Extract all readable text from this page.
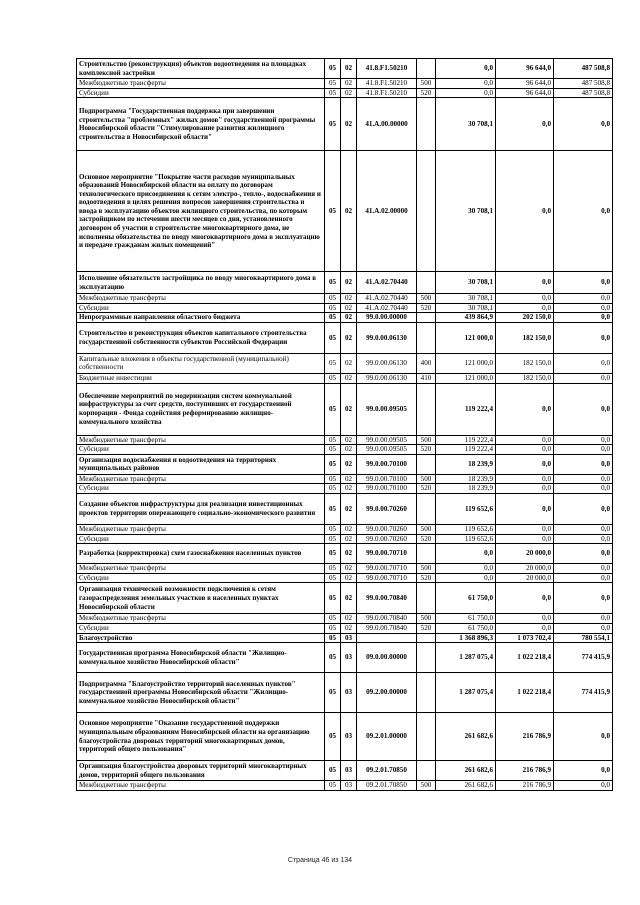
Строительство (реконструкция) объектов водоотведения на площадках комплексной застройки	05	02	41.8.F1.50210		0,0	96 644,0	487 508,8
Межбюджетные трансферты	05	02	41.8.F1.50210	500	0,0	96 644,0	487 508,8
Субсидии	05	02	41.8.F1.50210	520	0,0	96 644,0	487 508,8
Подпрограмма "Государственная поддержка при завершении строительства "проблемных" жилых домов" государственной программы Новосибирской области "Стимулирование развития жилищного строительства в Новосибирской области"	05	02	41.А.00.00000		30 708,1	0,0	0,0
Основное мероприятие "Покрытие части расходов муниципальных образований Новосибирской области на оплату по договорам технологического присоединения к сетям электро-, тепло-, водоснабжения и водоотведения в целях решения вопросов завершения строительства и ввода в эксплуатацию объектов жилищного строительства, по которым застройщиком по истечении шести месяцев со дня, установленного договором об участии в строительстве многоквартирного дома, не исполнены обязательства по вводу многоквартирного дома в эксплуатацию и передаче гражданам жилых помещений"	05	02	41.А.02.00000		30 708,1	0,0	0,0
Исполнение обязательств застройщика по вводу многоквартирного дома в эксплуатацию	05	02	41.А.02.70440		30 708,1	0,0	0,0
Межбюджетные трансферты	05	02	41.А.02.70440	500	30 708,1	0,0	0,0
Субсидии	05	02	41.А.02.70440	520	30 708,1	0,0	0,0
Непрограммные направления областного бюджета	05	02	99.0.00.00000		439 864,9	202 150,0	0,0
Строительство и реконструкция объектов капитального строительства государственной собственности субъектов Российской Федерации	05	02	99.0.00.06130		121 000,0	182 150,0	0,0
Капитальные вложения в объекты государственной (муниципальной) собственности	05	02	99.0.00.06130	400	121 000,0	182 150,0	0,0
Бюджетные инвестиции	05	02	99.0.00.06130	410	121 000,0	182 150,0	0,0
Обеспечение мероприятий по модернизации систем коммунальной инфраструктуры за счет средств, поступивших от государственной корпорации - Фонда содействия реформированию жилищно-коммунального хозяйства	05	02	99.0.00.09505		119 222,4	0,0	0,0
Межбюджетные трансферты	05	02	99.0.00.09505	500	119 222,4	0,0	0,0
Субсидии	05	02	99.0.00.09505	520	119 222,4	0,0	0,0
Организация водоснабжения и водоотведения на территориях муниципальных районов	05	02	99.0.00.70100		18 239,9	0,0	0,0
Межбюджетные трансферты	05	02	99.0.00.70100	500	18 239,9	0,0	0,0
Субсидии	05	02	99.0.00.70100	520	18 239,9	0,0	0,0
Создание объектов инфраструктуры для реализации инвестиционных проектов территории опережающего социально-экономического развития	05	02	99.0.00.70260		119 652,6	0,0	0,0
Межбюджетные трансферты	05	02	99.0.00.70260	500	119 652,6	0,0	0,0
Субсидии	05	02	99.0.00.70260	520	119 652,6	0,0	0,0
Разработка (корректировка) схем газоснабжения населенных пунктов	05	02	99.0.00.70710		0,0	20 000,0	0,0
Межбюджетные трансферты	05	02	99.0.00.70710	500	0,0	20 000,0	0,0
Субсидии	05	02	99.0.00.70710	520	0,0	20 000,0	0,0
Организация технической возможности подключения к сетям газораспределения земельных участков в населенных пунктах Новосибирской области	05	02	99.0.00.70840		61 750,0	0,0	0,0
Межбюджетные трансферты	05	02	99.0.00.70840	500	61 750,0	0,0	0,0
Субсидии	05	02	99.0.00.70840	520	61 750,0	0,0	0,0
Благоустройство	05	03			1 368 896,3	1 073 702,4	780 554,1
Государственная программа Новосибирской области "Жилищно-коммунальное хозяйство Новосибирской области"	05	03	09.0.00.00000		1 287 075,4	1 022 218,4	774 415,9
Подпрограмма "Благоустройство территорий населенных пунктов" государственной программы Новосибирской области "Жилищно-коммунальное хозяйство Новосибирской области"	05	03	09.2.00.00000		1 287 075,4	1 022 218,4	774 415,9
Основное мероприятие "Оказание государственной поддержки муниципальным образованиям Новосибирской области на организацию благоустройства дворовых территорий многоквартирных домов, территорий общего пользования"	05	03	09.2.01.00000		261 682,6	216 786,9	0,0
Организация благоустройства дворовых территорий многоквартирных домов, территорий общего пользования	05	03	09.2.01.70850		261 682,6	216 786,9	0,0
Межбюджетные трансферты	05	03	09.2.01.70850	500	261 682,6	216 786,9	0,0
Страница 46 из 134
